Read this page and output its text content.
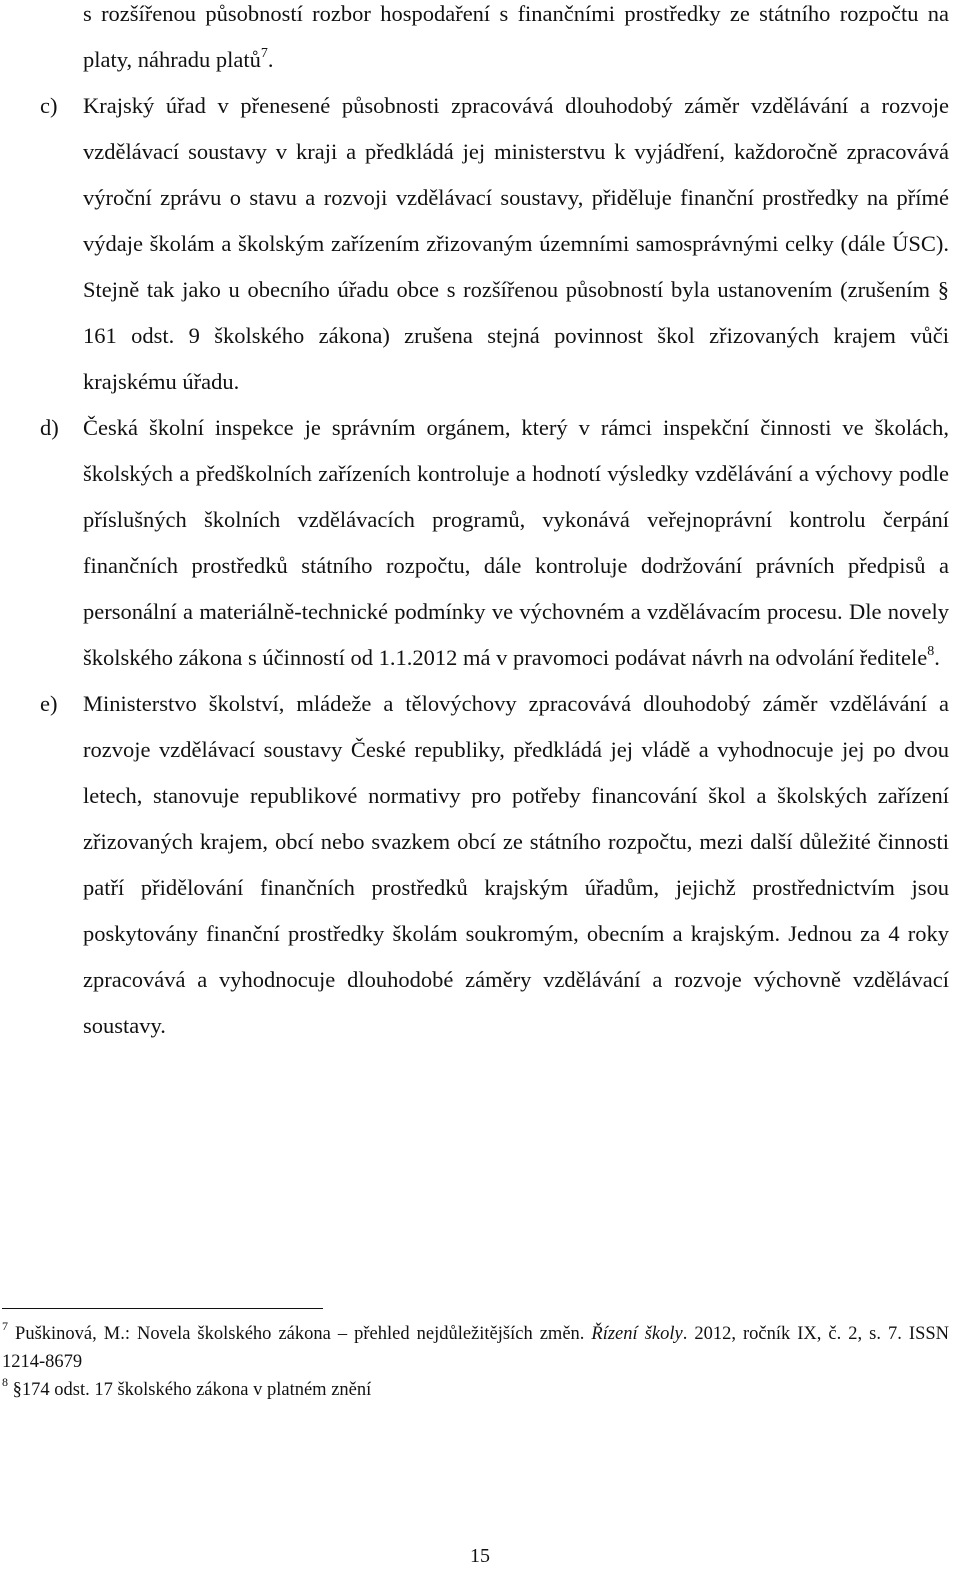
s rozšířenou působností rozbor hospodaření s finančními prostředky ze státního rozpočtu na platy, náhradu platů$^7$.

c) Krajský úřad v přenesené působnosti zpracovává dlouhodobý záměr vzdělávání a rozvoje vzdělávací soustavy v kraji a předkládá jej ministerstvu k vyjádření, každoročně zpracovává výroční zprávu o stavu a rozvoji vzdělávací soustavy, přiděluje finanční prostředky na přímé výdaje školám a školským zařízením zřizovaným územními samosprávnými celky (dále ÚSC). Stejně tak jako u obecního úřadu obce s rozšířenou působností byla ustanovením (zrušením § 161 odst. 9 školského zákona) zrušena stejná povinnost škol zřizovaných krajem vůči krajskému úřadu.

d) Česká školní inspekce je správním orgánem, který v rámci inspekční činnosti ve školách, školských a předškolních zařízeních kontroluje a hodnotí výsledky vzdělávání a výchovy podle příslušných školních vzdělávacích programů, vykonává veřejnoprávní kontrolu čerpání finančních prostředků státního rozpočtu, dále kontroluje dodržování právních předpisů a personální a materiálně-technické podmínky ve výchovném a vzdělávacím procesu. Dle novely školského zákona s účinností od 1.1.2012 má v pravomoci podávat návrh na odvolání ředitele$^8$.

e) Ministerstvo školství, mládeže a tělovýchovy zpracovává dlouhodobý záměr vzdělávání a rozvoje vzdělávací soustavy České republiky, předkládá jej vládě a vyhodnocuje jej po dvou letech, stanovuje republikové normativy pro potřeby financování škol a školských zařízení zřizovaných krajem, obcí nebo svazkem obcí ze státního rozpočtu, mezi další důležité činnosti patří přidělování finančních prostředků krajským úřadům, jejichž prostřednictvím jsou poskytovány finanční prostředky školám soukromým, obecním a krajským. Jednou za 4 roky zpracovává a vyhodnocuje dlouhodobé záměry vzdělávání a rozvoje výchovně vzdělávací soustavy.

$^7$ Puškinová, M.: Novela školského zákona – přehled nejdůležitějších změn. Řízení školy. 2012, ročník IX, č. 2, s. 7. ISSN 1214-8679

$^8$ §174 odst. 17 školského zákona v platném znění

15
